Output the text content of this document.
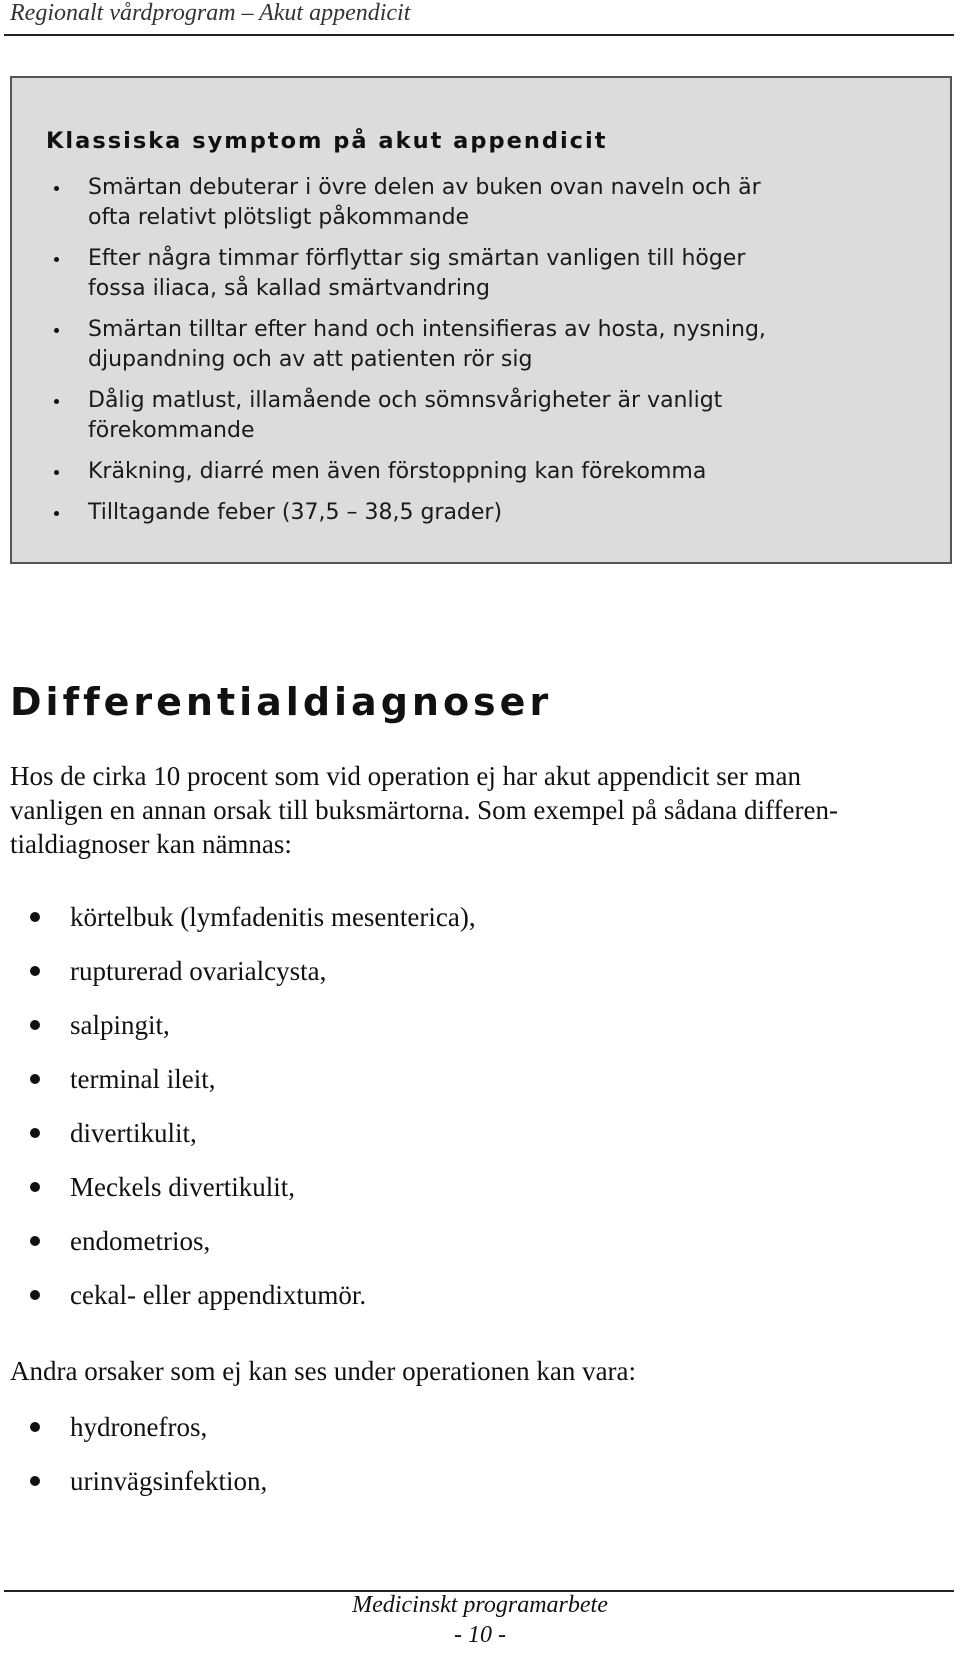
Regionalt vårdprogram – Akut appendicit
Klassiska symptom på akut appendicit
Smärtan debuterar i övre delen av buken ovan naveln och är
ofta relativt plötsligt påkommande
Efter några timmar förflyttar sig smärtan vanligen till höger
fossa iliaca, så kallad smärtvandring
Smärtan tilltar efter hand och intensifieras av hosta, nysning,
djupandning och av att patienten rör sig
Dålig matlust, illamående och sömnsvårigheter är vanligt
förekommande
Kräkning, diarré men även förstoppning kan förekomma
Tilltagande feber (37,5 – 38,5 grader)
Differentialdiagnoser

Hos de cirka 10 procent som vid operation ej har akut appendicit ser man
vanligen en annan orsak till buksmärtorna. Som exempel på sådana differen-
tialdiagnoser kan nämnas:

körtelbuk (lymfadenitis mesenterica),
rupturerad ovarialcysta,
salpingit,
terminal ileit,
divertikulit,
Meckels divertikulit,
endometrios,
cekal- eller appendixtumör.

Andra orsaker som ej kan ses under operationen kan vara:

hydronefros,
urinvägsinfektion,
Medicinskt programarbete
- 10 -
